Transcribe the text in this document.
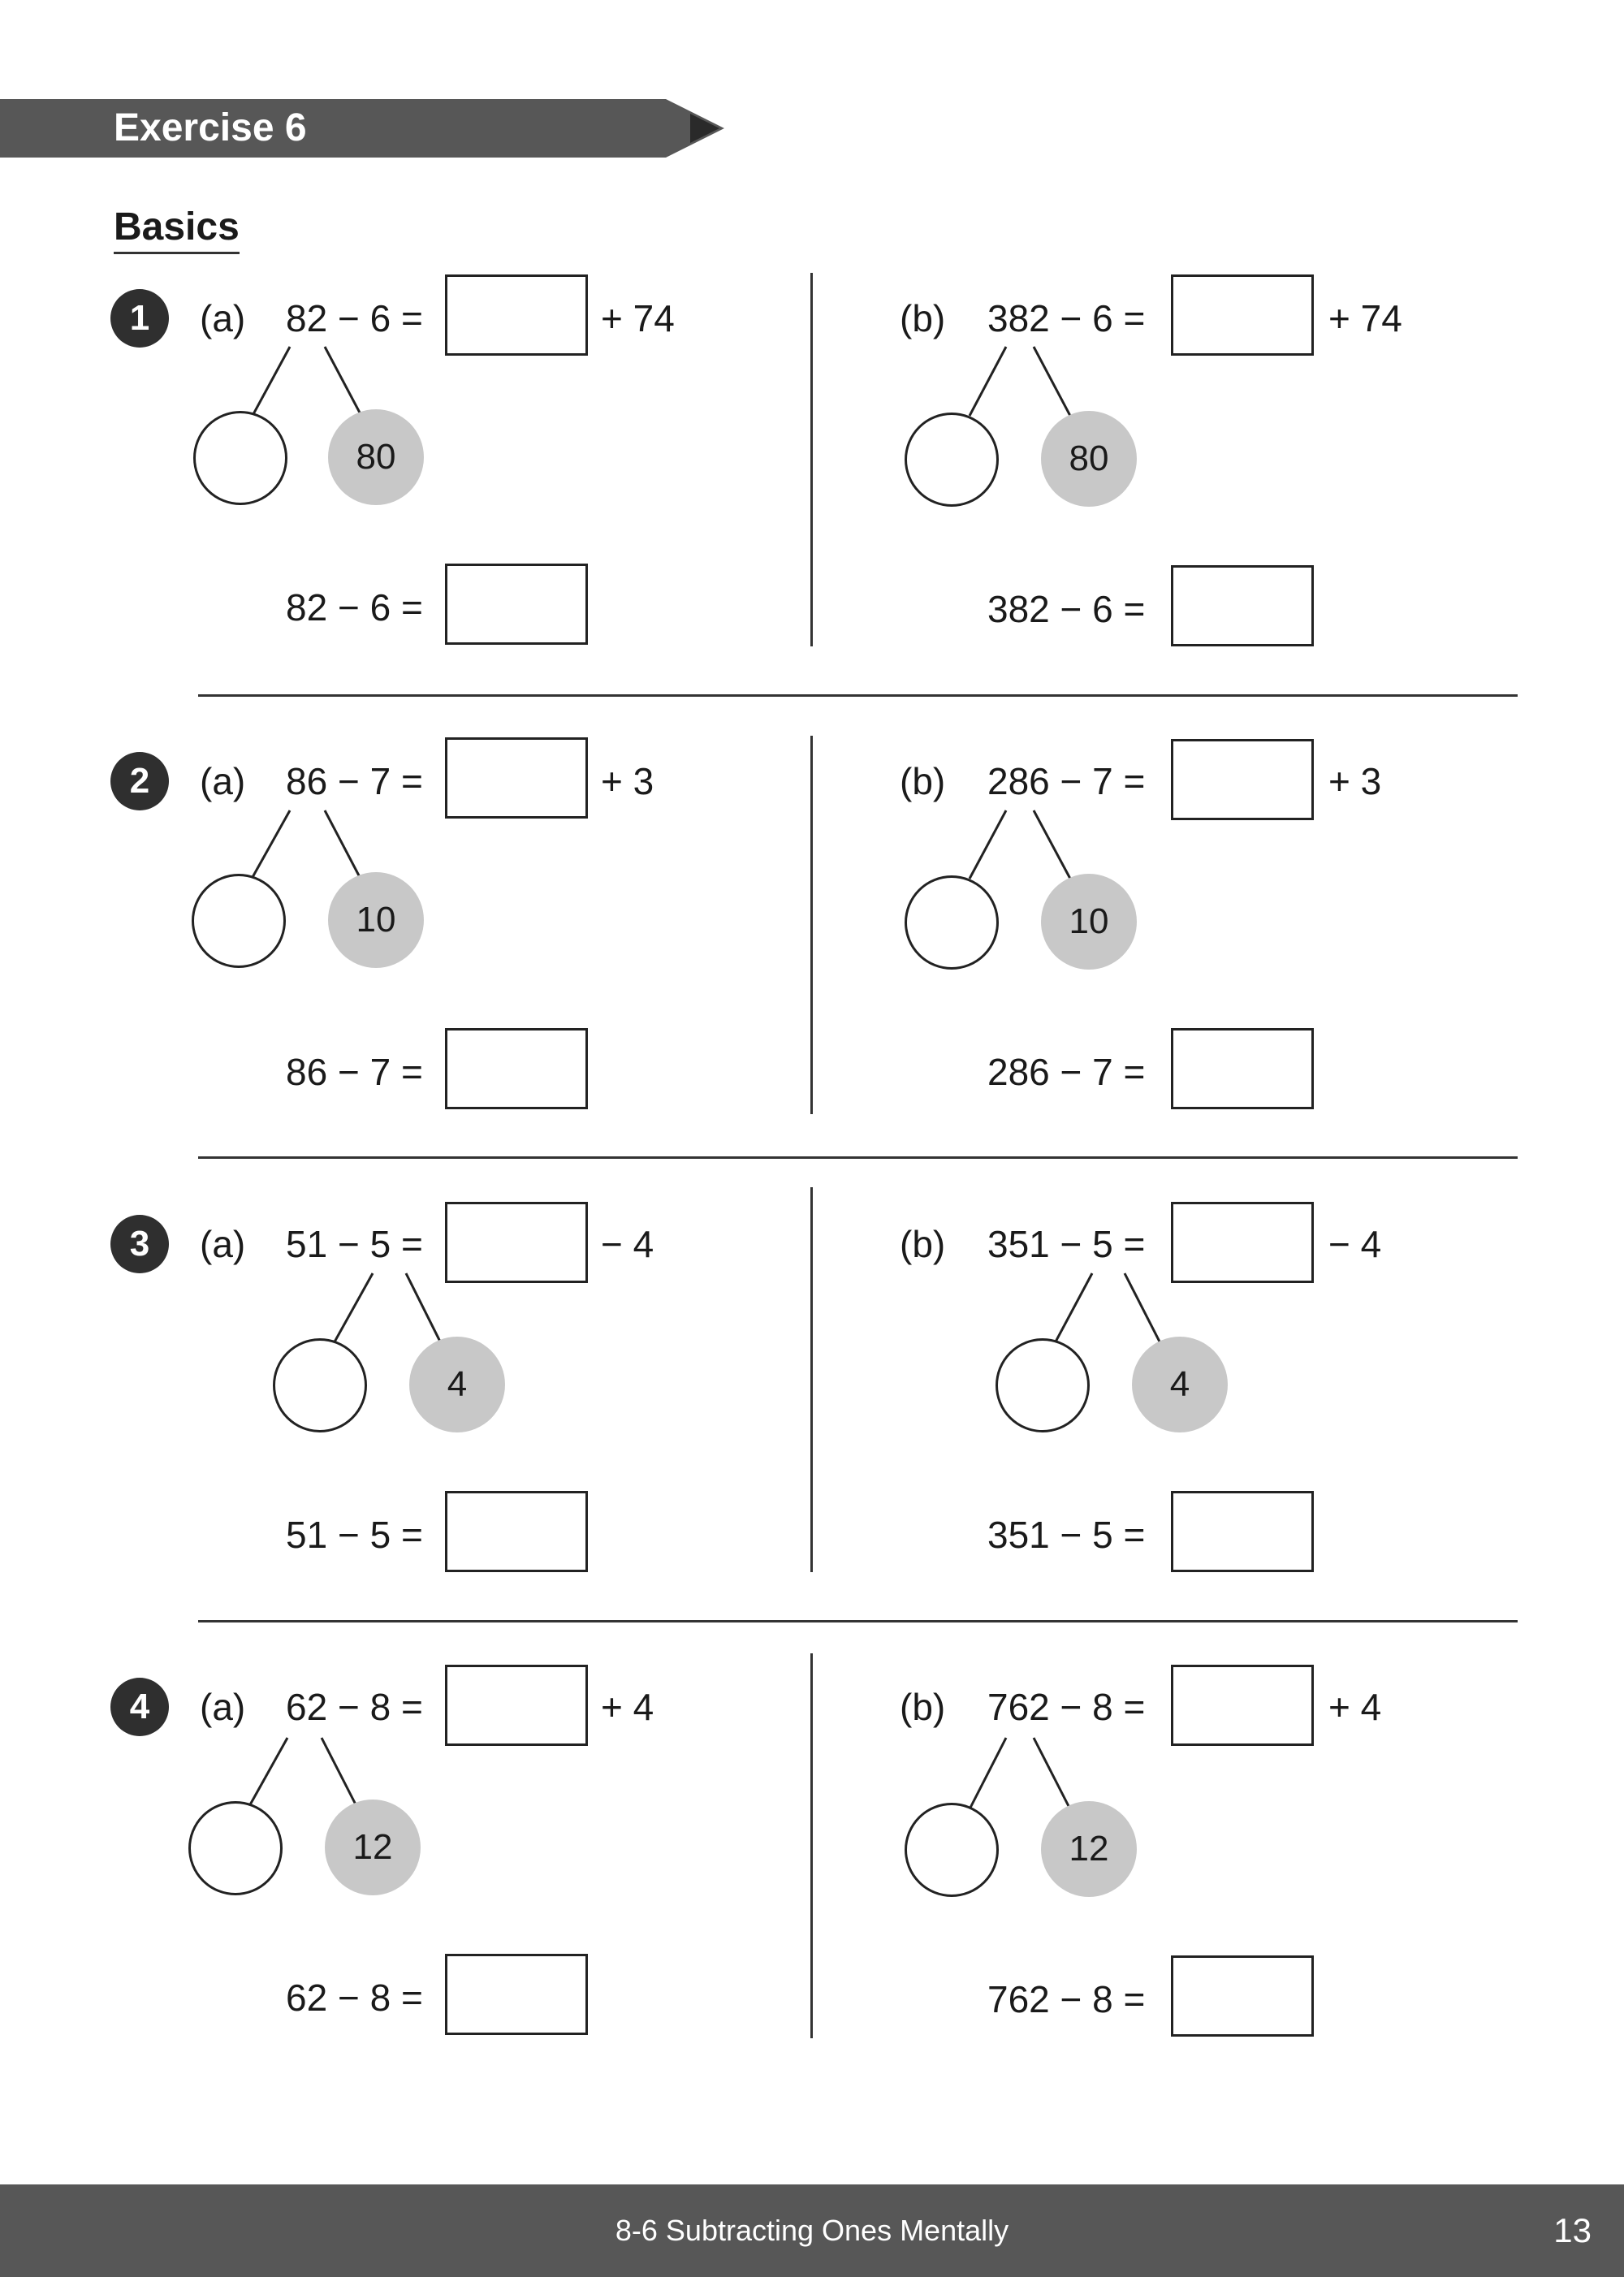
Exercise 6
Basics
1	(a) 82 − 6 =	+ 74
80
82 − 6 =
(b) 382 − 6 =	+ 74
80
382 − 6 =
2	(a) 86 − 7 =	+ 3
10
86 − 7 =
(b) 286 − 7 =	+ 3
10
286 − 7 =
3	(a) 51 − 5 =	− 4
4
51 − 5 =
(b) 351 − 5 =	− 4
4
351 − 5 =
4	(a) 62 − 8 =	+ 4
12
62 − 8 =
(b) 762 − 8 =	+ 4
12
762 − 8 =
8-6 Subtracting Ones Mentally	13
